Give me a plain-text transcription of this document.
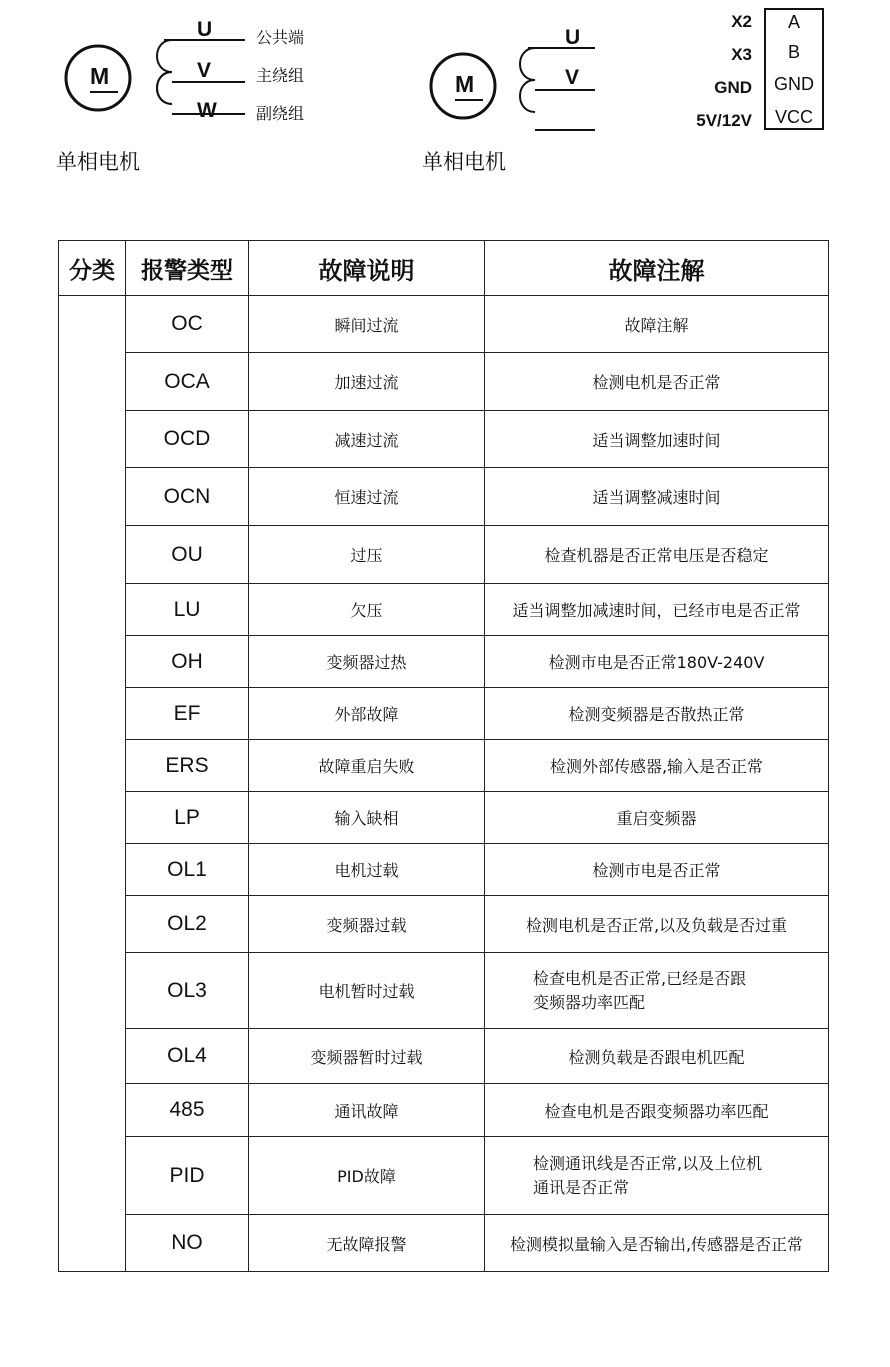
M
U
V
W
公共端
主绕组
副绕组
单相电机
M
U
V
单相电机
X2
X3
GND
5V/12V
A
B
GND
VCC
分类	报警类型	故障说明	故障注解
	OC	瞬间过流	故障注解
	OCA	加速过流	检测电机是否正常
	OCD	减速过流	适当调整加速时间
	OCN	恒速过流	适当调整减速时间
	OU	过压	检查机器是否正常电压是否稳定
	LU	欠压	适当调整加减速时间，已经市电是否正常
	OH	变频器过热	检测市电是否正常180V-240V
	EF	外部故障	检测变频器是否散热正常
	ERS	故障重启失败	检测外部传感器,输入是否正常
	LP	输入缺相	重启变频器
	OL1	电机过载	检测市电是否正常
	OL2	变频器过载	检测电机是否正常,以及负载是否过重
	OL3	电机暂时过载	检查电机是否正常,已经是否跟
变频器功率匹配

	OL4	变频器暂时过载	检测负载是否跟电机匹配
	485	通讯故障	检查电机是否跟变频器功率匹配
	PID	PID故障	检测通讯线是否正常,以及上位机
通讯是否正常

	NO	无故障报警	检测模拟量输入是否输出,传感器是否正常
